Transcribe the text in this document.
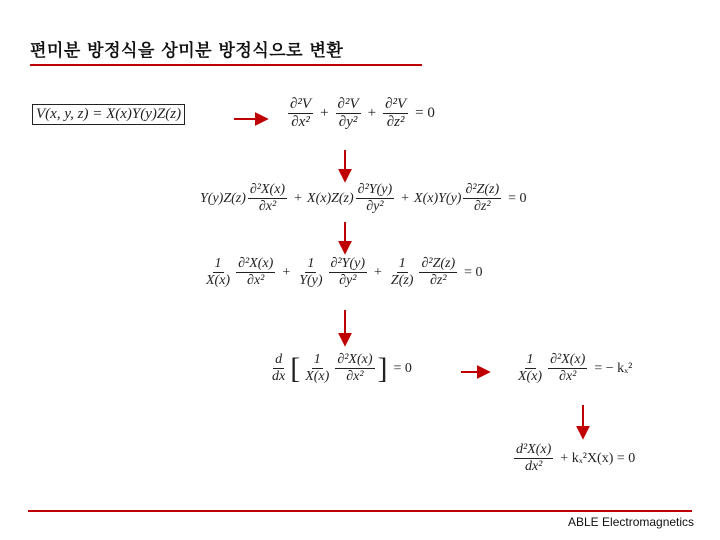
편미분 방정식을 상미분 방정식으로 변환
V(x, y, z) = X(x)Y(y)Z(z)	$\frac{\text{∂²V}}{\text{∂x²}} + \frac{\text{∂²V}}{\text{∂y²}} + \frac{\text{∂²V}}{\text{∂z²}} = 0$
$Y(y)Z(z) \frac{\text{∂²X(x)}}{\text{∂x²}} + X(x)Z(z) \frac{\text{∂²Y(y)}}{\text{∂y²}} + X(x)Y(y) \frac{\text{∂²Z(z)}}{\text{∂z²}} = 0$
$\frac{1}{X(x)} \frac{\text{∂²X(x)}}{\text{∂x²}} + \frac{1}{Y(y)} \frac{\text{∂²Y(y)}}{\text{∂y²}} + \frac{1}{Z(z)} \frac{\text{∂²Z(z)}}{\text{∂z²}} = 0$
$\frac{d}{dx}$ [ $\frac{1}{X(x)} \frac{\text{∂²X(x)}}{\text{∂x²}}$ ] = 0	$\frac{1}{X(x)} \frac{\text{∂²X(x)}}{\text{∂x²}}$ = − kₓ²
$\frac{\text{d²X(x)}}{\text{dx²}} + k_x^2X(x) = 0$
ABLE Electromagnetics
